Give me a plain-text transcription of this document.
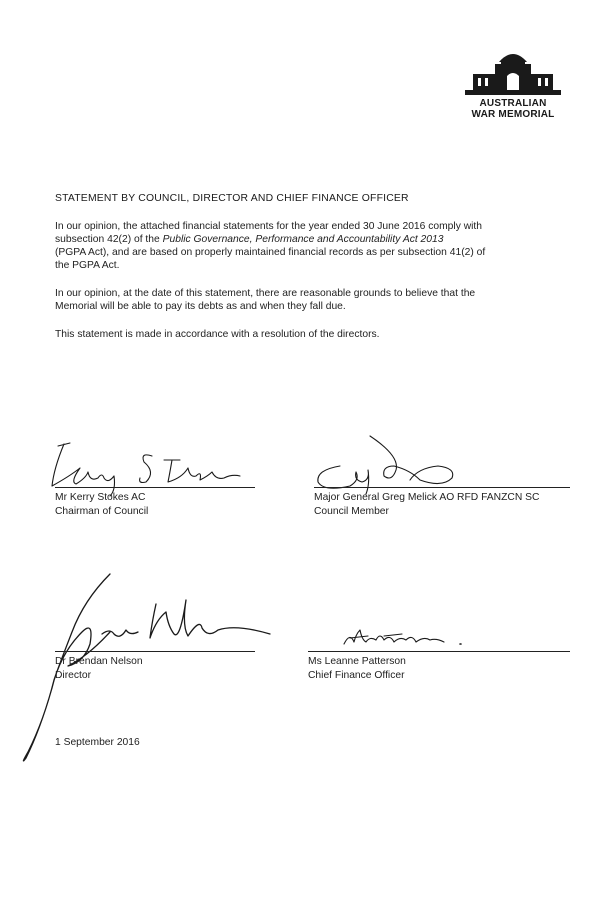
AUSTRALIAN
WAR MEMORIAL
STATEMENT BY COUNCIL, DIRECTOR AND CHIEF FINANCE OFFICER
In our opinion, the attached financial statements for the year ended 30 June 2016 comply with
subsection 42(2) of the Public Governance, Performance and Accountability Act 2013
(PGPA Act), and are based on properly maintained financial records as per subsection 41(2) of
the PGPA Act.
In our opinion, at the date of this statement, there are reasonable grounds to believe that the
Memorial will be able to pay its debts as and when they fall due.
This statement is made in accordance with a resolution of the directors.
Mr Kerry Stokes AC
Chairman of Council
Major General Greg Melick AO RFD FANZCN SC
Council Member
Dr Brendan Nelson
Director
Ms Leanne Patterson
Chief Finance Officer
1 September 2016
